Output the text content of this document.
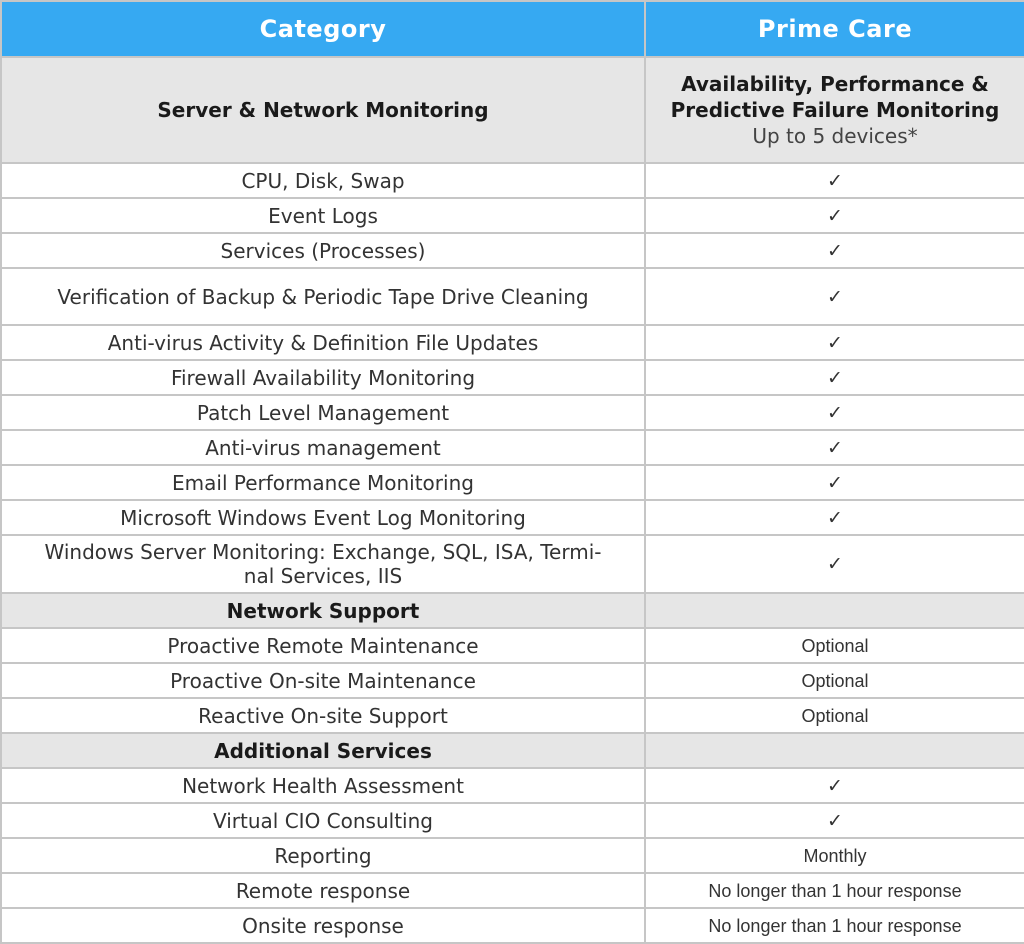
Category	Prime Care
Server & Network Monitoring	Availability, Performance &
Predictive Failure Monitoring
Up to 5 devices*

CPU, Disk, Swap	✓
Event Logs	✓
Services (Processes)	✓
Verification of Backup & Periodic Tape Drive Cleaning	✓
Anti-virus Activity & Definition File Updates	✓
Firewall Availability Monitoring	✓
Patch Level Management	✓
Anti-virus management	✓
Email Performance Monitoring	✓
Microsoft Windows Event Log Monitoring	✓

Windows Server Monitoring: Exchange, SQL, ISA, Termi-
nal Services, IIS	✓
Network Support	
Proactive Remote Maintenance	Optional
Proactive On-site Maintenance	Optional
Reactive On-site Support	Optional
Additional Services	
Network Health Assessment	✓
Virtual CIO Consulting	✓
Reporting	Monthly
Remote response	No longer than 1 hour response
Onsite response	No longer than 1 hour response
